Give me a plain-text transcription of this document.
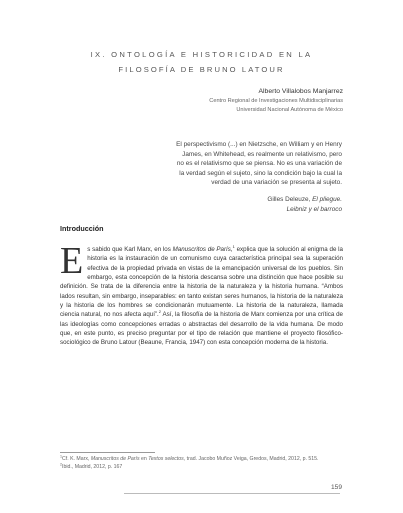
IX. ONTOLOGÍA E HISTORICIDAD EN LA
FILOSOFÍA DE BRUNO LATOUR
Alberto Villalobos Manjarrez
Centro Regional de Investigaciones Multidisciplinarias
Universidad Nacional Autónoma de México
El perspectivismo (...) en Nietzsche, en William y en Henry
James, en Whitehead, es realmente un relativismo, pero
no es el relativismo que se piensa. No es una variación de
la verdad según el sujeto, sino la condición bajo la cual la
verdad de una variación se presenta al sujeto.
Gilles Deleuze, El pliegue.
Leibniz y el barroco
Introducción

Es sabido que Karl Marx, en los Manuscritos de París,$^1$ explica que la solución al enigma de la historia es la instauración de un comunismo cuya característica principal sea la superación efectiva de la propiedad privada en vistas de la emancipación universal de los pueblos. Sin embargo, esta concepción de la historia descansa sobre una distinción que hace posible su definición. Se trata de la diferencia entre la historia de la naturaleza y la historia humana. “Ambos lados resultan, sin embargo, inseparables: en tanto existan seres humanos, la historia de la naturaleza y la historia de los hombres se condicionarán mutuamente. La historia de la naturaleza, llamada ciencia natural, no nos afecta aquí”.$^2$ Así, la filosofía de la historia de Marx comienza por una crítica de las ideologías como concepciones erradas o abstractas del desarrollo de la vida humana. De modo que, en este punto, es preciso preguntar por el tipo de relación que mantiene el proyecto filosófico-sociológico de Bruno Latour (Beaune, Francia, 1947) con esta concepción moderna de la historia.

$^1$Cf. K. Marx, Manuscritos de París en Textos selectos, trad. Jacobo Muñoz Veiga, Gredos, Madrid, 2012, p. 515.

$^2$Ibid., Madrid, 2012, p. 167

159
